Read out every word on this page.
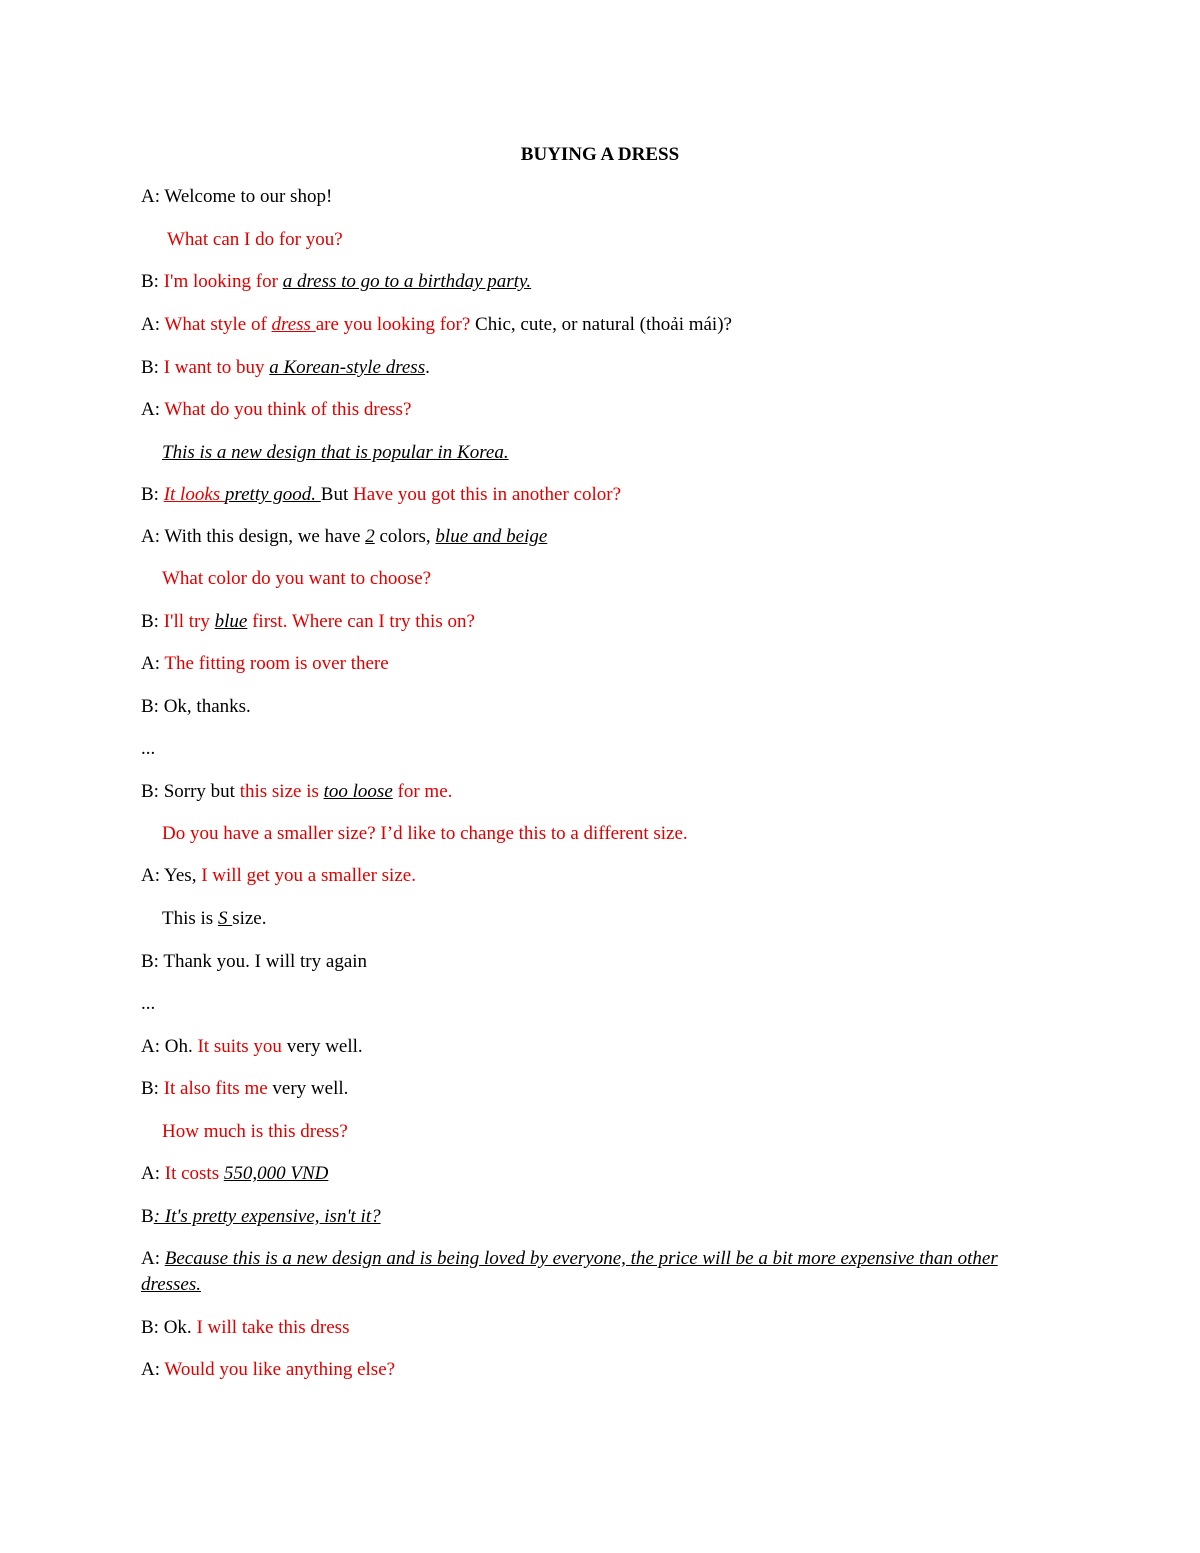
BUYING A DRESS
A: Welcome to our shop!
What can I do for you?
B: I'm looking for a dress to go to a birthday party.
A: What style of dress are you looking for? Chic, cute, or natural (thoải mái)?
B: I want to buy a Korean-style dress.
A: What do you think of this dress?
This is a new design that is popular in Korea.
B: It looks pretty good. But Have you got this in another color?
A: With this design, we have 2 colors, blue and beige
What color do you want to choose?
B: I'll try blue first. Where can I try this on?
A: The fitting room is over there
B: Ok, thanks.
...
B: Sorry but this size is too loose for me.
Do you have a smaller size? I’d like to change this to a different size.
A: Yes, I will get you a smaller size.
This is S size.
B: Thank you. I will try again
...
A: Oh. It suits you very well.
B: It also fits me very well.
How much is this dress?
A: It costs 550,000 VND
B: It's pretty expensive, isn't it?
A: Because this is a new design and is being loved by everyone, the price will be a bit more expensive than other dresses.
B: Ok. I will take this dress
A: Would you like anything else?
